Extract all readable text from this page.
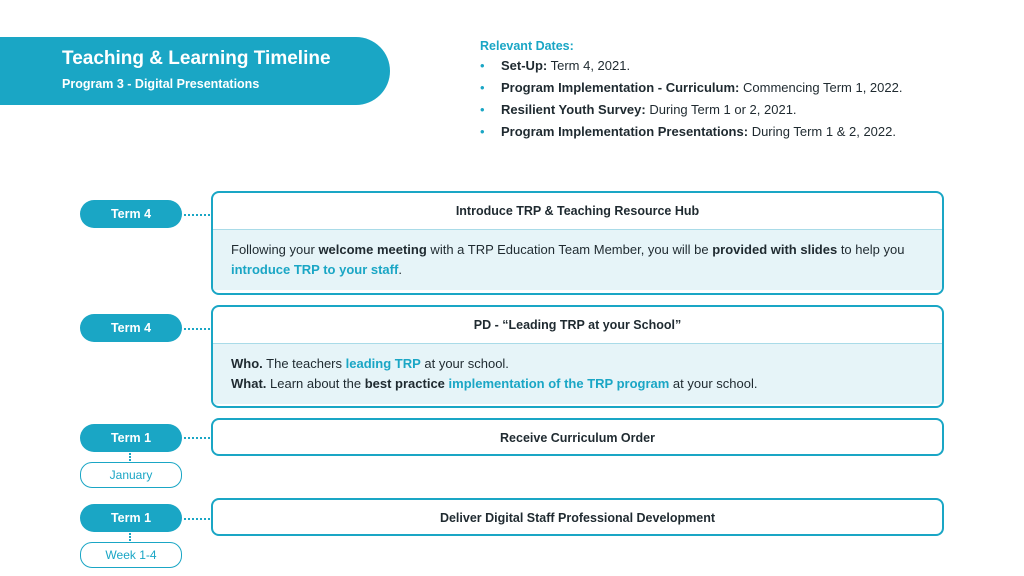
Teaching & Learning Timeline
Program 3 - Digital Presentations
Relevant Dates:
• Set-Up: Term 4, 2021.
• Program Implementation - Curriculum: Commencing Term 1, 2022.
• Resilient Youth Survey: During Term 1 or 2, 2021.
• Program Implementation Presentations: During Term 1 & 2, 2022.
Term 4	Introduce TRP & Teaching Resource Hub
Following your welcome meeting with a TRP Education Team Member, you will be provided with slides to help you introduce TRP to your staff.
Term 4	PD - “Leading TRP at your School”
Who. The teachers leading TRP at your school.
What. Learn about the best practice implementation of the TRP program at your school.
Term 1
January
Receive Curriculum Order
Term 1
Week 1-4
Deliver Digital Staff Professional Development
